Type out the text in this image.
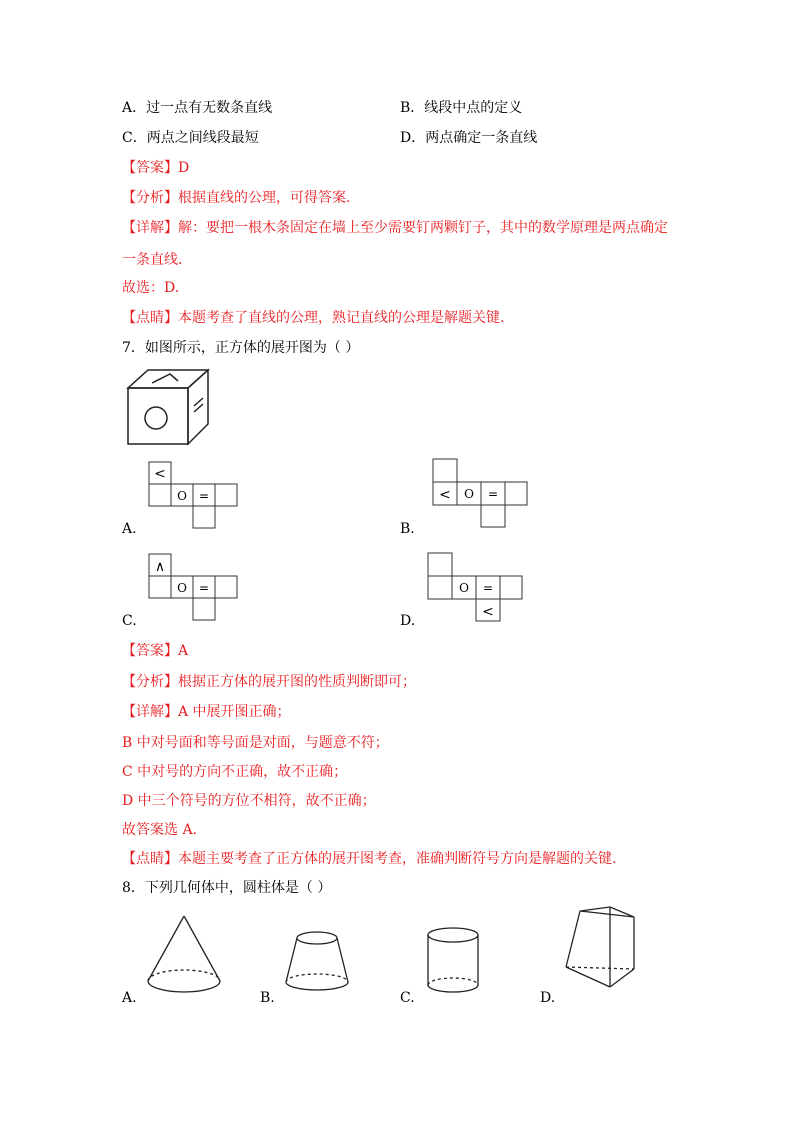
A．过一点有无数条直线	B．线段中点的定义
C．两点之间线段最短	D．两点确定一条直线
【答案】D
【分析】根据直线的公理，可得答案.
【详解】解：要把一根木条固定在墙上至少需要钉两颗钉子，其中的数学原理是两点确定
一条直线.
故选：D.
【点睛】本题考查了直线的公理，熟记直线的公理是解题关键.
7．如图所示，正方体的展开图为（ ）
<
O =
A.
< O =
B.
∧
O =
C.
O =
<
D.
【答案】A
【分析】根据正方体的展开图的性质判断即可；
【详解】A 中展开图正确；
B 中对号面和等号面是对面，与题意不符；
C 中对号的方向不正确，故不正确；
D 中三个符号的方位不相符，故不正确；
故答案选 A.
【点睛】本题主要考查了正方体的展开图考查，准确判断符号方向是解题的关键.
8．下列几何体中，圆柱体是（ ）
A.	B.	C.	D.
